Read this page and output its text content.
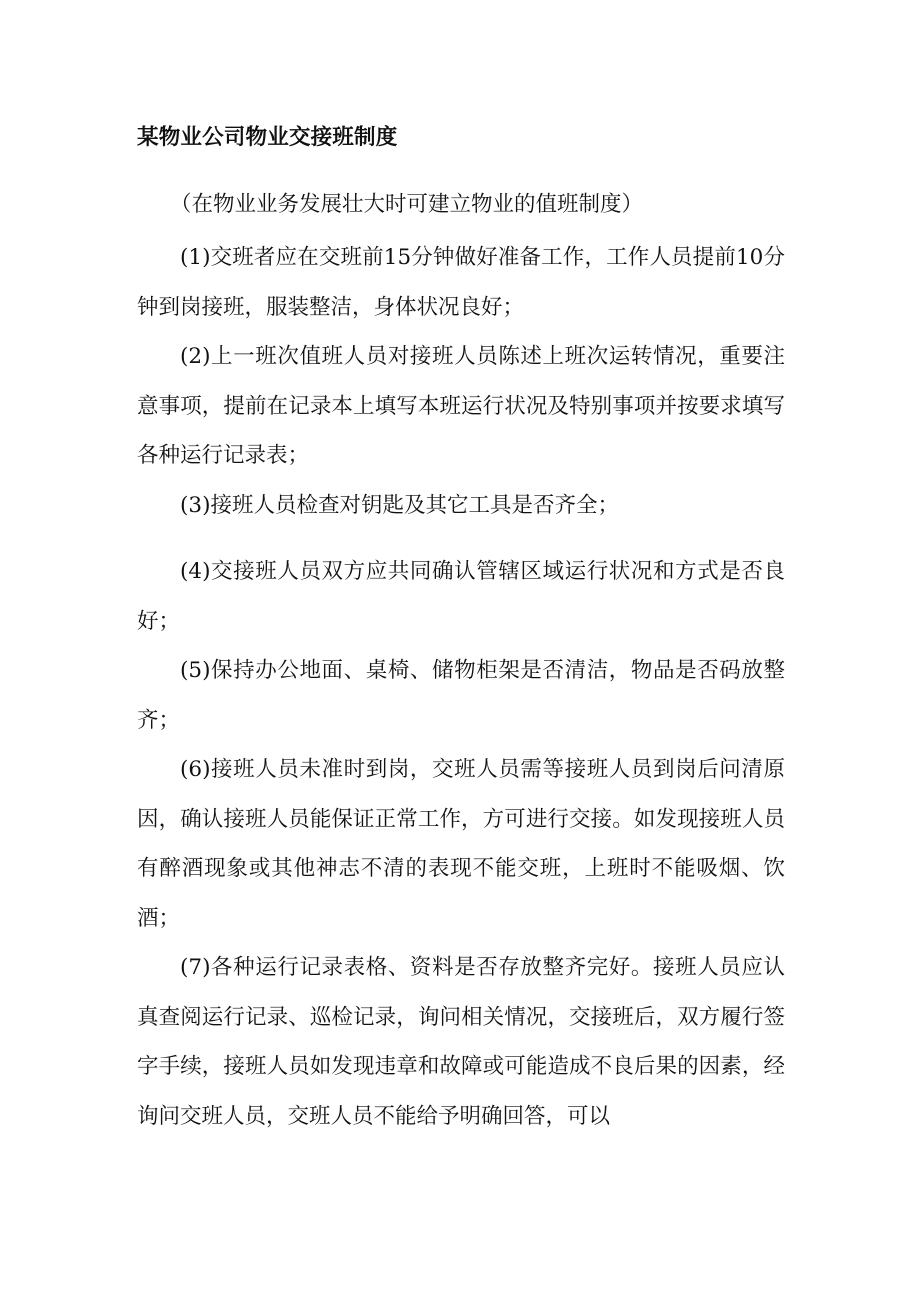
某物业公司物业交接班制度
（在物业业务发展壮大时可建立物业的值班制度）

(1)交班者应在交班前15分钟做好准备工作，工作人员提前10分钟到岗接班，服装整洁，身体状况良好；

(2)上一班次值班人员对接班人员陈述上班次运转情况，重要注意事项，提前在记录本上填写本班运行状况及特别事项并按要求填写各种运行记录表；

(3)接班人员检查对钥匙及其它工具是否齐全；

(4)交接班人员双方应共同确认管辖区域运行状况和方式是否良好；

(5)保持办公地面、桌椅、储物柜架是否清洁，物品是否码放整齐；

(6)接班人员未准时到岗，交班人员需等接班人员到岗后问清原因，确认接班人员能保证正常工作，方可进行交接。如发现接班人员有醉酒现象或其他神志不清的表现不能交班，上班时不能吸烟、饮酒；

(7)各种运行记录表格、资料是否存放整齐完好。接班人员应认真查阅运行记录、巡检记录，询问相关情况，交接班后，双方履行签字手续，接班人员如发现违章和故障或可能造成不良后果的因素，经询问交班人员，交班人员不能给予明确回答，可以
